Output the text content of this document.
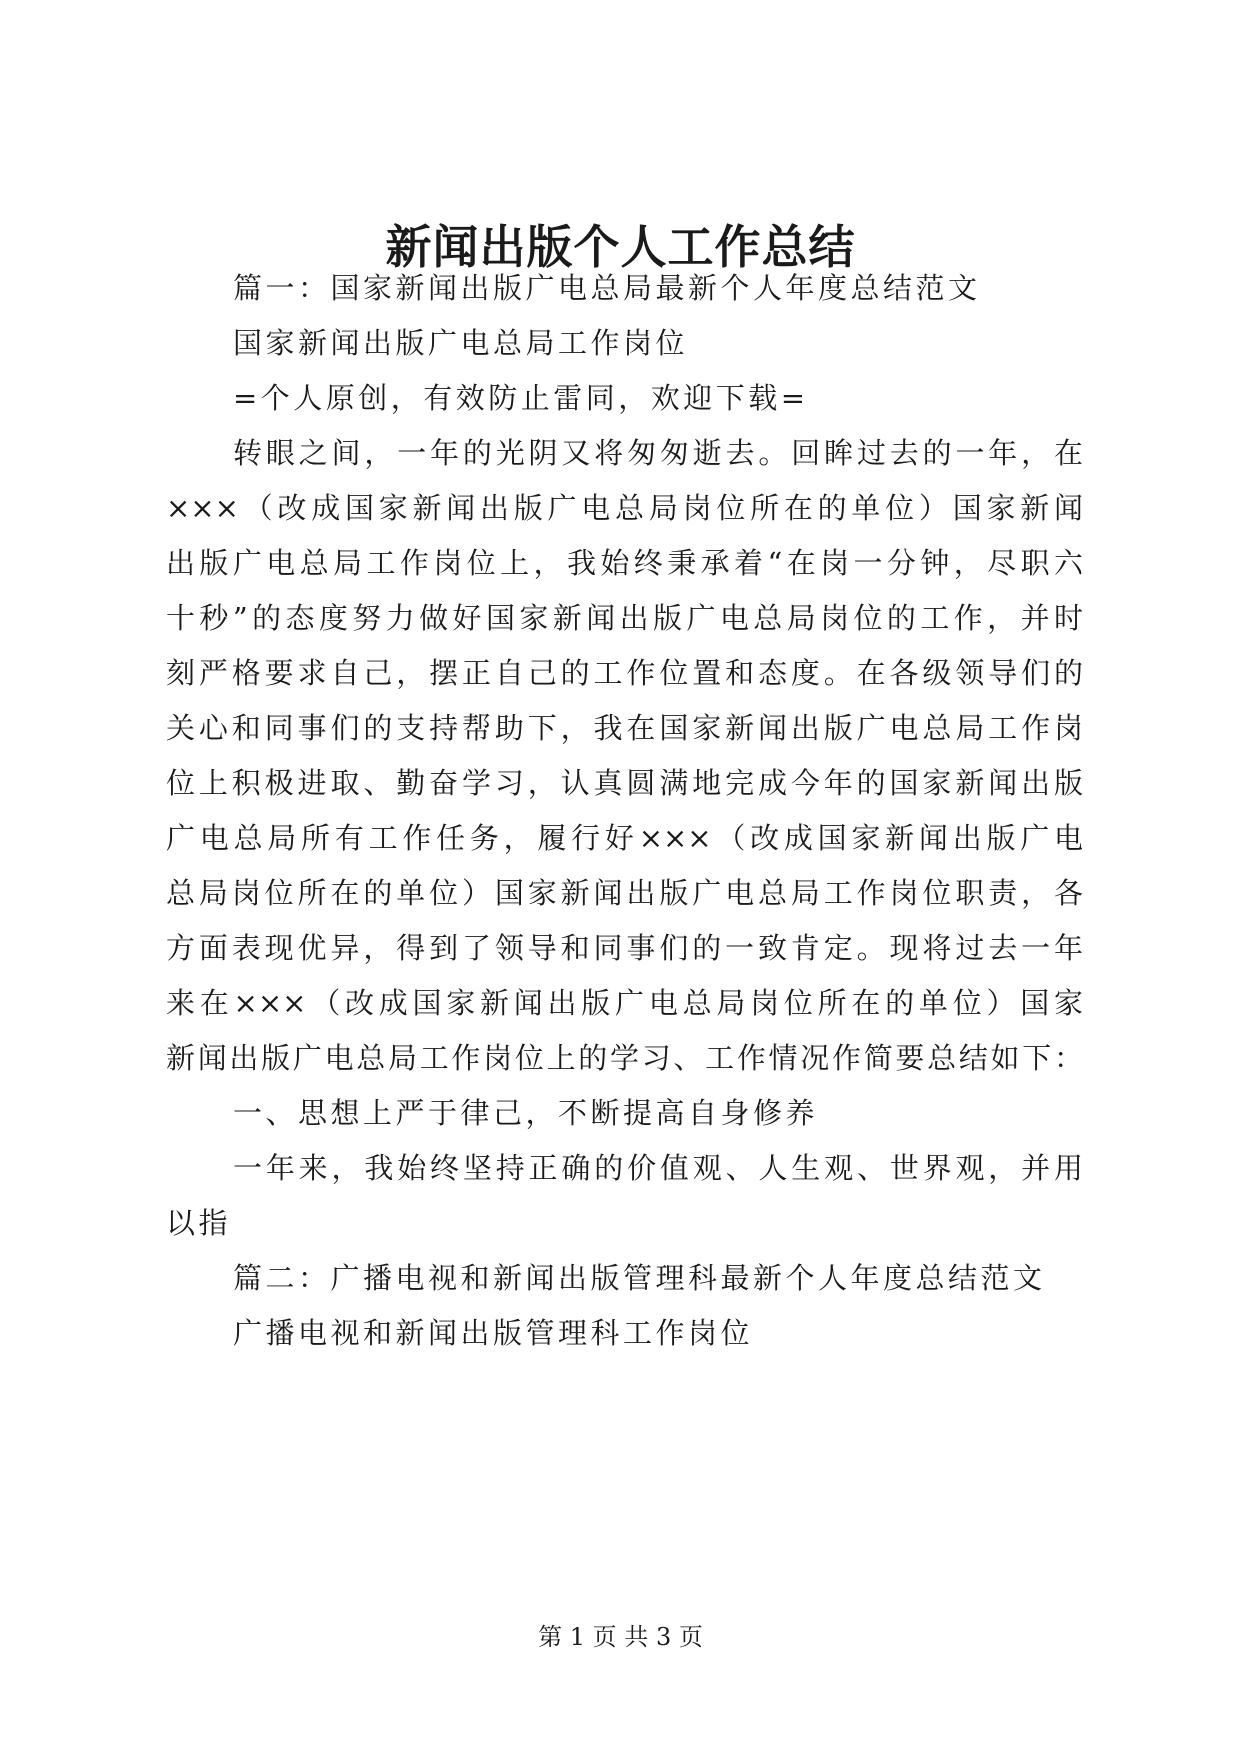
新闻出版个人工作总结
篇一：国家新闻出版广电总局最新个人年度总结范文
国家新闻出版广电总局工作岗位
=个人原创，有效防止雷同，欢迎下载=
转眼之间，一年的光阴又将匆匆逝去。回眸过去的一年，在
×××（改成国家新闻出版广电总局岗位所在的单位）国家新闻
出版广电总局工作岗位上，我始终秉承着“在岗一分钟，尽职六
十秒”的态度努力做好国家新闻出版广电总局岗位的工作，并时
刻严格要求自己，摆正自己的工作位置和态度。在各级领导们的
关心和同事们的支持帮助下，我在国家新闻出版广电总局工作岗
位上积极进取、勤奋学习，认真圆满地完成今年的国家新闻出版
广电总局所有工作任务，履行好×××（改成国家新闻出版广电
总局岗位所在的单位）国家新闻出版广电总局工作岗位职责，各
方面表现优异，得到了领导和同事们的一致肯定。现将过去一年
来在×××（改成国家新闻出版广电总局岗位所在的单位）国家
新闻出版广电总局工作岗位上的学习、工作情况作简要总结如下：
一、思想上严于律己，不断提高自身修养
一年来，我始终坚持正确的价值观、人生观、世界观，并用
以指
篇二：广播电视和新闻出版管理科最新个人年度总结范文
广播电视和新闻出版管理科工作岗位
第 1 页 共 3 页
